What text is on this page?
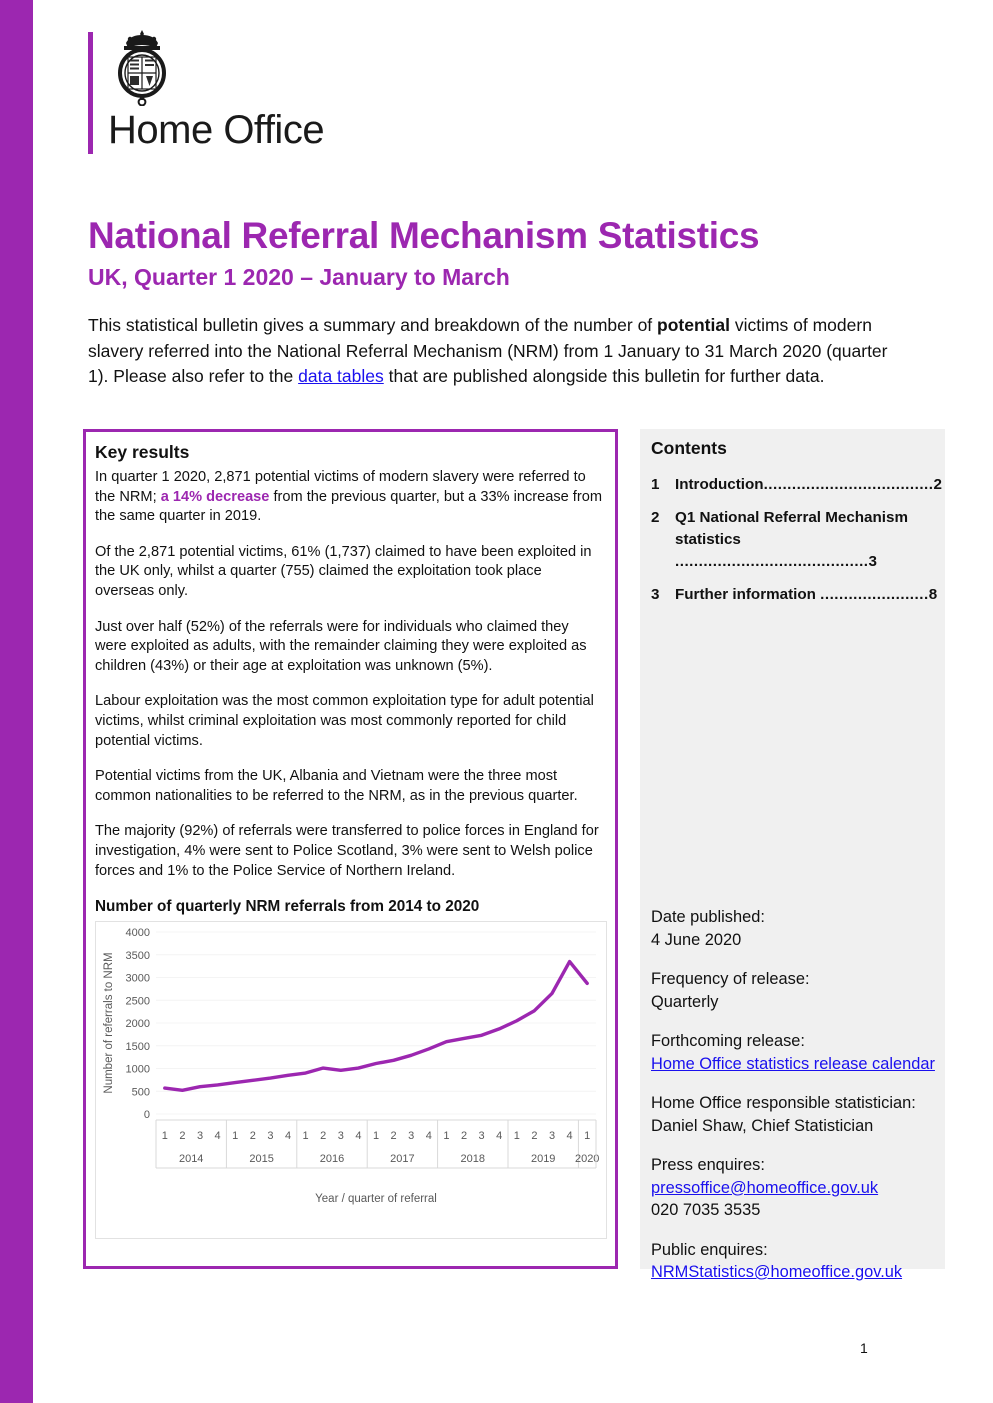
Home Office
National Referral Mechanism Statistics
UK, Quarter 1 2020 – January to March
This statistical bulletin gives a summary and breakdown of the number of potential victims of modern slavery referred into the National Referral Mechanism (NRM) from 1 January to 31 March 2020 (quarter 1). Please also refer to the data tables that are published alongside this bulletin for further data.
Key results

In quarter 1 2020, 2,871 potential victims of modern slavery were referred to the NRM; a 14% decrease from the previous quarter, but a 33% increase from the same quarter in 2019.

Of the 2,871 potential victims, 61% (1,737) claimed to have been exploited in the UK only, whilst a quarter (755) claimed the exploitation took place overseas only.

Just over half (52%) of the referrals were for individuals who claimed they were exploited as adults, with the remainder claiming they were exploited as children (43%) or their age at exploitation was unknown (5%).

Labour exploitation was the most common exploitation type for adult potential victims, whilst criminal exploitation was most commonly reported for child potential victims.

Potential victims from the UK, Albania and Vietnam were the three most common nationalities to be referred to the NRM, as in the previous quarter.

The majority (92%) of referrals were transferred to police forces in England for investigation, 4% were sent to Police Scotland, 3% were sent to Welsh police forces and 1% to the Police Service of Northern Ireland.

Number of quarterly NRM referrals from 2014 to 2020
0
500
1000
1500
2000
2500
3000
3500
4000
Number of referrals to NRM
1 2 3 4
2014
1 2 3 4
2015
1 2 3 4
2016
1 2 3 4
2017
1 2 3 4
2018
1 2 3 4
2019
1
2020
Year / quarter of referral
Contents
1	Introduction....................................2
2	Q1 National Referral Mechanism statistics .........................................3
3	Further information .......................8
Date published:
4 June 2020
Frequency of release:
Quarterly
Forthcoming release:
Home Office statistics release calendar
Home Office responsible statistician:
Daniel Shaw, Chief Statistician
Press enquires:
pressoffice@homeoffice.gov.uk
020 7035 3535
Public enquires:
NRMStatistics@homeoffice.gov.uk
1
